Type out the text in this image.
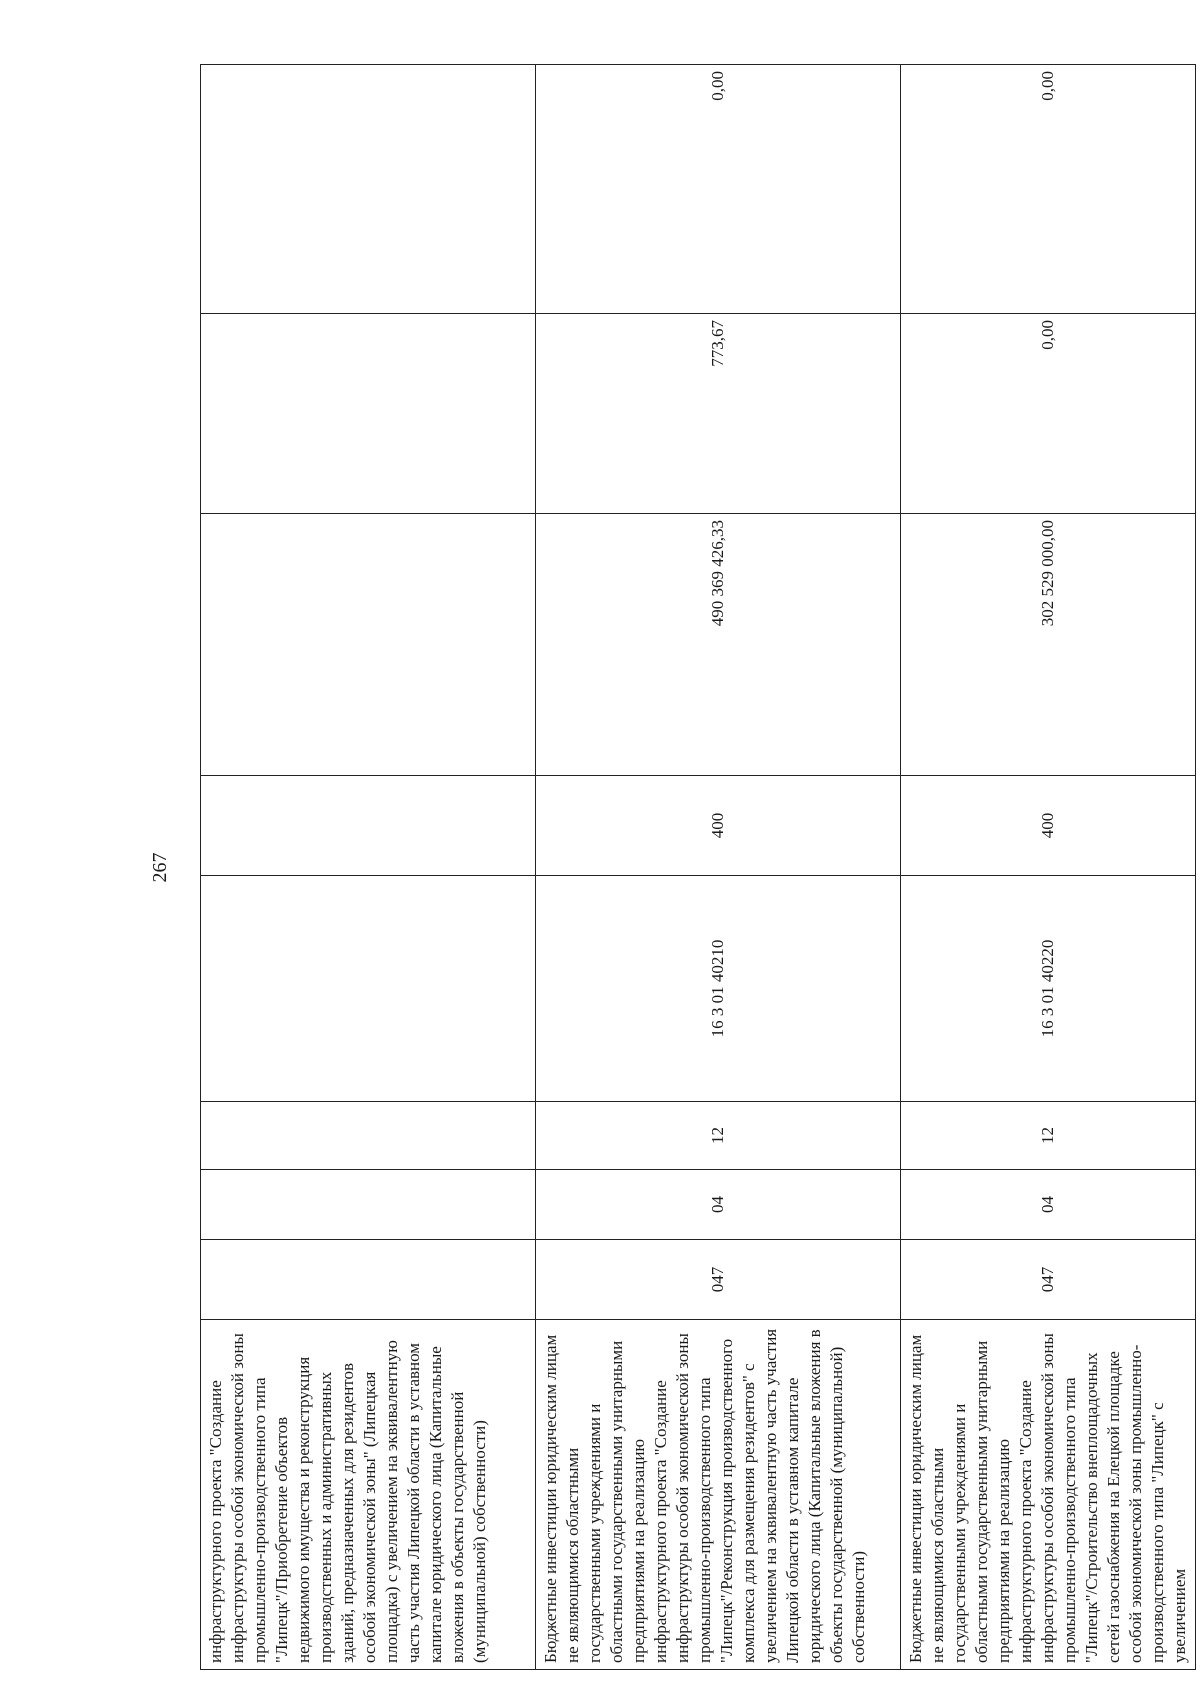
267
инфраструктурного проекта "Создание инфраструктуры особой экономической зоны промышленно-производственного типа "Липецк"/Приобретение объектов недвижимого имущества и реконструкция производственных и административных зданий, предназначенных для резидентов особой экономической зоны" (Липецкая площадка) с увеличением на эквивалентную часть участия Липецкой области в уставном капитале юридического лица (Капитальные вложения в объекты государственной (муниципальной) собственности)								
Бюджетные инвестиции юридическим лицам не являющимися областными государственными учреждениями и областными государственными унитарными предприятиями на реализацию инфраструктурного проекта "Создание инфраструктуры особой экономической зоны промышленно-производственного типа "Липецк"/Реконструкция производственного комплекса для размещения резидентов" с увеличением на эквивалентную часть участия Липецкой области в уставном капитале юридического лица (Капитальные вложения в объекты государственной (муниципальной) собственности)	047	04	12	16 3 01 40210	400	490 369 426,33	773,67	0,00
Бюджетные инвестиции юридическим лицам не являющимися областными государственными учреждениями и областными государственными унитарными предприятиями на реализацию инфраструктурного проекта "Создание инфраструктуры особой экономической зоны промышленно-производственного типа "Липецк"/Строительство внеплощадочных сетей газоснабжения на Елецкой площадке особой экономической зоны промышленно-производственного типа "Липецк" с увеличением	047	04	12	16 3 01 40220	400	302 529 000,00	0,00	0,00
